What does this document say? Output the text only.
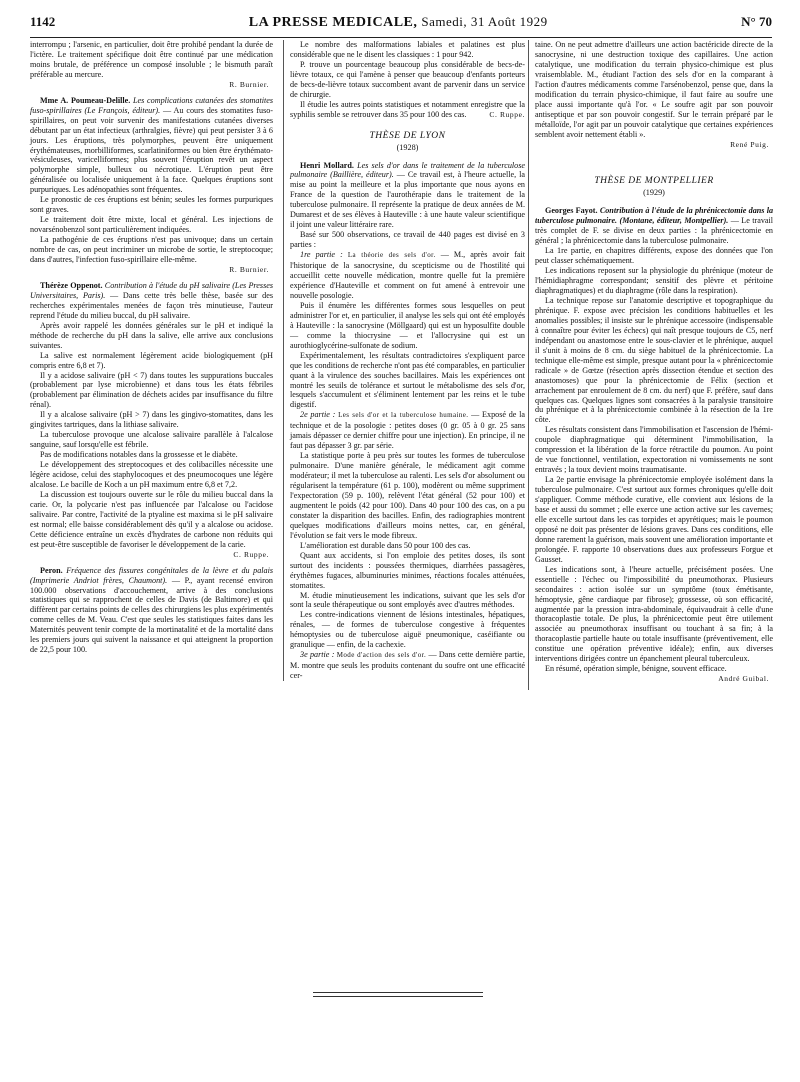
1142	LA PRESSE MEDICALE, Samedi, 31 Août 1929	N° 70

interrompu ; l'arsenic, en particulier, doit être prohibé pendant la durée de l'ictère. Le traitement spécifique doit être continué par une médication moins brutale, de préférence un composé insoluble ; le bismuth paraît préférable au mercure.

R. Burnier.

Mme A. Poumeau-Delille. Les complications cutanées des stomatites fuso-spirillaires (Le François, éditeur). — Au cours des stomatites fuso-spirillaires, on peut voir survenir des manifestations cutanées diverses débutant par un état infectieux (arthralgies, fièvre) qui peut persister 3 à 6 jours. Les éruptions, très polymorphes, peuvent être uniquement érythémateuses, morbilliformes, scarlatiniformes ou bien être érythémato-vésiculeuses, varicelliformes; plus souvent l'éruption revêt un aspect polymorphe simple, bulleux ou nécrotique. L'éruption peut être généralisée ou localisée uniquement à la face. Quelques éruptions sont purpuriques. Les adénopathies sont fréquentes.

Le pronostic de ces éruptions est bénin; seules les formes purpuriques sont graves.

Le traitement doit être mixte, local et général. Les injections de novarsénobenzol sont particulièrement indiquées.

La pathogénie de ces éruptions n'est pas univoque; dans un certain nombre de cas, on peut incriminer un microbe de sortie, le streptocoque; dans d'autres, l'infection fuso-spirillaire elle-même.

R. Burnier.

Thérèze Oppenot. Contribution à l'étude du pH salivaire (Les Presses Universitaires, Paris). — Dans cette très belle thèse, basée sur des recherches expérimentales menées de façon très minutieuse, l'auteur reprend l'étude du milieu buccal, du pH salivaire.

Après avoir rappelé les données générales sur le pH et indiqué la méthode de recherche du pH dans la salive, elle arrive aux conclusions suivantes.

La salive est normalement légèrement acide biologiquement (pH compris entre 6,8 et 7).

Il y a acidose salivaire (pH < 7) dans toutes les suppurations buccales (probablement par lyse microbienne) et dans tous les états fébriles (probablement par élimination de déchets acides par insuffisance du filtre rénal).

Il y a alcalose salivaire (pH > 7) dans les gingivo-stomatites, dans les gingivites tartriques, dans la lithiase salivaire.

La tuberculose provoque une alcalose salivaire parallèle à l'alcalose sanguine, sauf lorsqu'elle est fébrile.

Pas de modifications notables dans la grossesse et le diabète.

Le développement des streptocoques et des colibacilles nécessite une légère acidose, celui des staphylocoques et des pneumocoques une légère alcalose. Le bacille de Koch a un pH maximum entre 6,8 et 7,2.

La discussion est toujours ouverte sur le rôle du milieu buccal dans la carie. Or, la polycarie n'est pas influencée par l'alcalose ou l'acidose salivaire. Par contre, l'activité de la ptyaline est maxima si le pH salivaire est normal; elle baisse considérablement dès qu'il y a alcalose ou acidose. Cette déficience entraîne un excès d'hydrates de carbone non réduits qui est peut-être susceptible de favoriser le développement de la carie.

C. Ruppe.

Peron. Fréquence des fissures congénitales de la lèvre et du palais (Imprimerie Andriot frères, Chaumont). — P., ayant recensé environ 100.000 observations d'accouchement, arrive à des conclusions statistiques qui se rapprochent de celles de Davis (de Baltimore) et qui diffèrent par certains points de celles des chirurgiens les plus expérimentés comme celles de M. Veau. C'est que seules les statistiques faites dans les Maternités peuvent tenir compte de la mortinatalité et de la mortalité dans les premiers jours qui suivent la naissance et qui atteignent la proportion de 22,5 pour 100.

Le nombre des malformations labiales et palatines est plus considérable que ne le disent les classiques : 1 pour 942.

P. trouve un pourcentage beaucoup plus considérable de becs-de-lièvre totaux, ce qui l'amène à penser que beaucoup d'enfants porteurs de becs-de-lièvre totaux succombent avant de parvenir dans un service de chirurgie.

Il étudie les autres points statistiques et notamment enregistre que la syphilis semble se retrouver dans 35 pour 100 des cas.	C. Ruppe.

THÈSE DE LYON
(1928)

Henri Mollard. Les sels d'or dans le traitement de la tuberculose pulmonaire (Baillière, éditeur). — Ce travail est, à l'heure actuelle, la mise au point la meilleure et la plus importante que nous ayons en France de la question de l'aurothérapie dans le traitement de la tuberculose pulmonaire. Il représente la pratique de deux années de M. Dumarest et de ses élèves à Hauteville : à une haute valeur scientifique il joint une valeur littéraire rare.

Basé sur 500 observations, ce travail de 440 pages est divisé en 3 parties :

1re partie : La théorie des sels d'or. — M., après avoir fait l'historique de la sanocrysine, du scepticisme ou de l'hostilité qui accueillit cette nouvelle médication, montre quelle fut la première expérience d'Hauteville et comment on fut amené à entrevoir une nouvelle posologie.

Puis il énumère les différentes formes sous lesquelles on peut administrer l'or et, en particulier, il analyse les sels qui ont été employés à Hauteville : la sanocrysine (Möllgaard) qui est un hyposulfite double — comme la thiocrysine — et l'allocrysine qui est un aurothioglycérine-sulfonate de sodium.

Expérimentalement, les résultats contradictoires s'expliquent parce que les conditions de recherche n'ont pas été comparables, en particulier quant à la virulence des souches bacillaires. Mais les expériences ont montré les seuils de tolérance et surtout le métabolisme des sels d'or, lesquels s'accumulent et s'éliminent lentement par les reins et le tube digestif.

2e partie : Les sels d'or et la tuberculose humaine. — Exposé de la technique et de la posologie : petites doses (0 gr. 05 à 0 gr. 25 sans jamais dépasser ce dernier chiffre pour une injection). En principe, il ne faut pas dépasser 3 gr. par série.

La statistique porte à peu près sur toutes les formes de tuberculose pulmonaire. D'une manière générale, le médicament agit comme modérateur; il met la tuberculose au ralenti. Les sels d'or absolument ou régularisent la température (61 p. 100), modèrent ou même suppriment l'expectoration (59 p. 100), relèvent l'état général (52 pour 100) et augmentent le poids (42 pour 100). Dans 40 pour 100 des cas, on a pu constater la disparition des bacilles. Enfin, des radiographies montrent quelques modifications d'ailleurs moins nettes, car, en général, l'évolution se fait vers le mode fibreux.

L'amélioration est durable dans 50 pour 100 des cas.

Quant aux accidents, si l'on emploie des petites doses, ils sont surtout des incidents : poussées thermiques, diarrhées passagères, érythèmes fugaces, albuminuries minimes, réactions focales atténuées, stomatites.

M. étudie minutieusement les indications, suivant que les sels d'or sont la seule thérapeutique ou sont employés avec d'autres méthodes.

Les contre-indications viennent de lésions intestinales, hépatiques, rénales, — de formes de tuberculose congestive à fréquentes hémoptysies ou de tuberculose aiguë pneumonique, caséifiante ou granulique — enfin, de la cachexie.

3e partie : Mode d'action des sels d'or. — Dans cette dernière partie, M. montre que seuls les produits contenant du soufre ont une efficacité cer-

taine. On ne peut admettre d'ailleurs une action bactéricide directe de la sanocrysine, ni une destruction toxique des capillaires. Une action catalytique, une modification du terrain physico-chimique est plus vraisemblable. M., étudiant l'action des sels d'or en la comparant à l'action d'autres médicaments comme l'arsénobenzol, pense que, dans la modification du terrain physico-chimique, il faut faire au soufre une place aussi importante qu'à l'or. « Le soufre agit par son pouvoir antiseptique et par son pouvoir congestif. Sur le terrain préparé par le métalloïde, l'or agit par un pouvoir catalytique que certaines expériences semblent avoir nettement établi ».

René Puig.
THÈSE DE MONTPELLIER
(1929)

Georges Fayot. Contribution à l'étude de la phrénicectomie dans la tuberculose pulmonaire. (Montane, éditeur, Montpellier). — Le travail très complet de F. se divise en deux parties : la phrénicectomie en général ; la phrénicectomie dans la tuberculose pulmonaire.

La 1re partie, en chapitres différents, expose des données que l'on peut classer schématiquement.

Les indications reposent sur la physiologie du phrénique (moteur de l'hémidiaphragme correspondant; sensitif des plèvre et péritoine diaphragmatiques) et du diaphragme (rôle dans la respiration).

La technique repose sur l'anatomie descriptive et topographique du phrénique. F. expose avec précision les conditions habituelles et les anomalies possibles; il insiste sur le phrénique accessoire (indispensable à connaître pour éviter les échecs) qui naît presque toujours de C5, nerf indépendant ou anastomose entre le sous-clavier et le phrénique, auquel il s'unit à moins de 8 cm. du siège habituel de la phrénicectomie. La technique elle-même est simple, presque autant pour la « phrénicectomie radicale » de Gœtze (résection après dissection étendue et section des anastomoses) que pour la phrénicectomie de Félix (section et arrachement par enroulement de 8 cm. du nerf) que F. préfère, sauf dans quelques cas. Quelques lignes sont consacrées à la paralysie transitoire du phrénique et à la phrénicectomie combinée à la résection de la 1re côte.

Les résultats consistent dans l'immobilisation et l'ascension de l'hémi-coupole diaphragmatique qui déterminent l'immobilisation, la compression et la libération de la force rétractile du poumon. Au point de vue fonctionnel, ventilation, expectoration ni vomissements ne sont entravés ; la toux devient moins traumatisante.

La 2e partie envisage la phrénicectomie employée isolément dans la tuberculose pulmonaire. C'est surtout aux formes chroniques qu'elle doit s'appliquer. Comme méthode curative, elle convient aux lésions de la base et aussi du sommet ; elle exerce une action active sur les cavernes; elle excelle surtout dans les cas torpides et apyrétiques; mais le poumon opposé ne doit pas présenter de lésions graves. Dans ces conditions, elle donne rarement la guérison, mais souvent une amélioration importante et prolongée. F. rapporte 10 observations dues aux professeurs Forgue et Gausset.

Les indications sont, à l'heure actuelle, précisément posées. Une essentielle : l'échec ou l'impossibilité du pneumothorax. Plusieurs secondaires : action isolée sur un symptôme (toux émétisante, hémoptysie, gêne cardiaque par fibrose); grossesse, où son efficacité, augmentée par la pression intra-abdominale, équivaudrait à celle d'une thoracoplastie totale. De plus, la phrénicectomie peut être utilement associée au pneumothorax insuffisant ou touchant à sa fin; à la thoracoplastie partielle haute ou totale insuffisante (préventivement, elle constitue une opération préventive idéale); enfin, aux diverses interventions dirigées contre un épanchement pleural tuberculeux.

En résumé, opération simple, bénigne, souvent efficace.

André Guibal.
